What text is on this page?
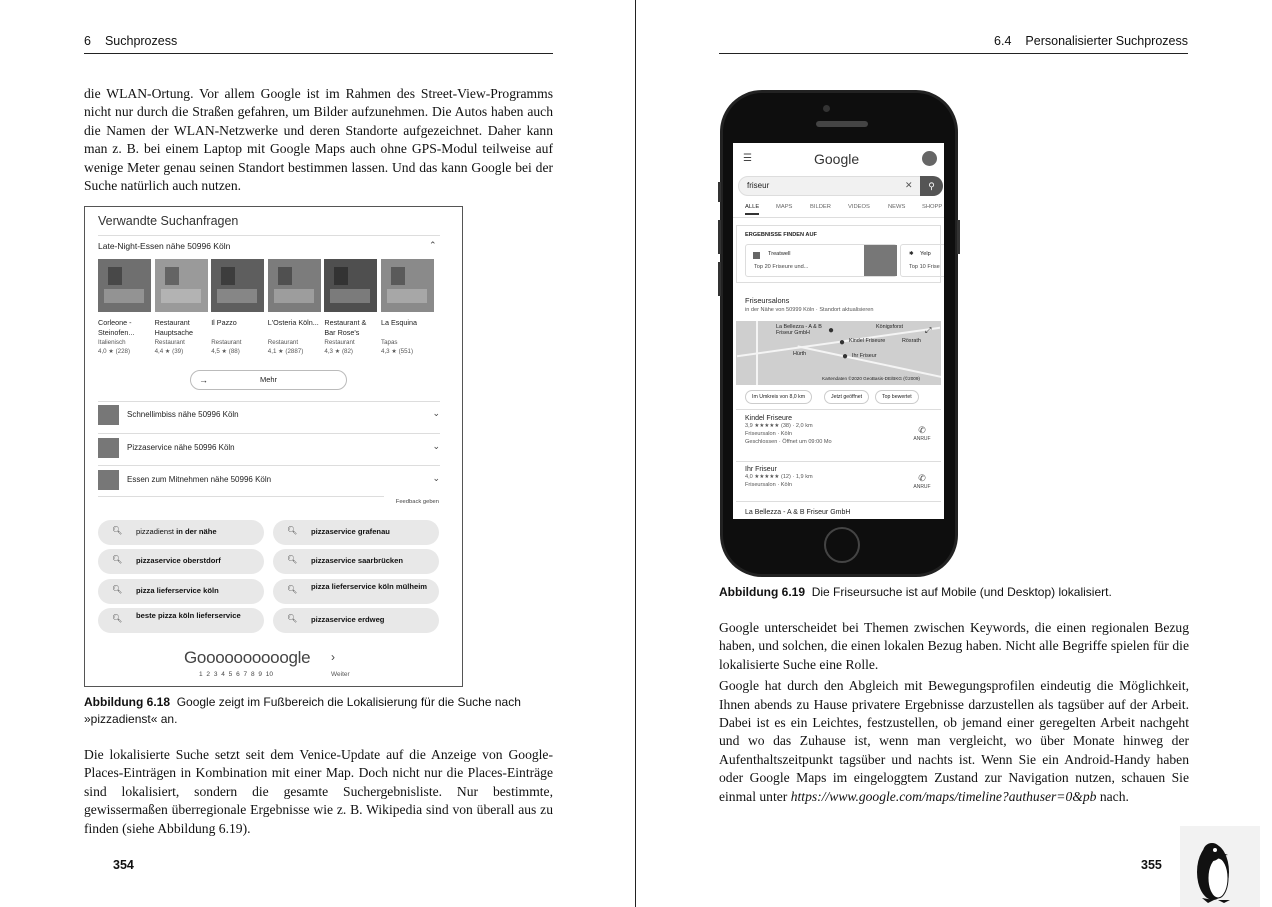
6 Suchprozess

die WLAN-Ortung. Vor allem Google ist im Rahmen des Street-View-Programms nicht nur durch die Straßen gefahren, um Bilder aufzunehmen. Die Autos haben auch die Namen der WLAN-Netzwerke und deren Standorte aufgezeichnet. Daher kann man z. B. bei einem Laptop mit Google Maps auch ohne GPS-Modul teilweise auf wenige Meter genau seinen Standort bestimmen lassen. Und das kann Google bei der Suche natürlich auch nutzen.

Verwandte Suchanfragen
Late-Night-Essen nähe 50996 Köln	⌃
Corleone - Steinofen...
Italienisch
4,0 ★ (228)
Restaurant Hauptsache
Restaurant
4,4 ★ (39)
Il Pazzo
Restaurant
4,5 ★ (88)
L'Osteria Köln...
Restaurant
4,1 ★ (2887)
Restaurant & Bar Rose's
Restaurant
4,3 ★ (82)
La Esquina
Tapas
4,3 ★ (551)
→	Mehr
Schnellimbiss nähe 50996 Köln	⌄
Pizzaservice nähe 50996 Köln	⌄
Essen zum Mitnehmen nähe 50996 Köln	⌄
Feedback geben
🔍︎ pizzadienst in der nähe
🔍︎ pizzaservice oberstdorf
🔍︎ pizza lieferservice köln
🔍︎ beste pizza köln lieferservice
🔍︎ pizzaservice grafenau
🔍︎ pizzaservice saarbrücken
🔍︎ pizza lieferservice köln mülheim
🔍︎ pizzaservice erdweg
Goooooooooogle ›
1 2 3 4 5 6 7 8 9 10	Weiter
Abbildung 6.18 Google zeigt im Fußbereich die Lokalisierung für die Suche nach »pizzadienst« an.

Die lokalisierte Suche setzt seit dem Venice-Update auf die Anzeige von Google-Places-Einträgen in Kombination mit einer Map. Doch nicht nur die Places-Einträge sind lokalisiert, sondern die gesamte Suchergebnisliste. Nur bestimmte, gewissermaßen überregionale Ergebnisse wie z. B. Wikipedia sind von überall aus zu finden (siehe Abbildung 6.19).

354
6.4 Personalisierter Suchprozess
☰	Google
friseur	✕	⚲
ALLE	MAPS	BILDER	VIDEOS	NEWS	SHOPP
ERGEBNISSE FINDEN AUF
Treatwell
Top 20 Friseure und...
✱ Yelp
Top 10 Frise
Friseursalons
in der Nähe von 50999 Köln · Standort aktualisieren
La Bellezza - A & B Friseur GmbH	●
● Kindel Friseure
● Ihr Friseur
Königsforst
Rösrath
Hürth
⤢
Kartendaten ©2020 GeoBasis-DE/BKG (©2009)
Im Umkreis von 8,0 km	Jetzt geöffnet	Top bewertet
Kindel Friseure
3,9 ★★★★★ (38) · 2,0 km
Friseursalon · Köln
Geschlossen · Öffnet um 09:00 Mo
✆
ANRUF
Ihr Friseur
4,0 ★★★★★ (12) · 1,9 km
Friseursalon · Köln
✆
ANRUF
La Bellezza - A & B Friseur GmbH
Abbildung 6.19 Die Friseursuche ist auf Mobile (und Desktop) lokalisiert.

Google unterscheidet bei Themen zwischen Keywords, die einen regionalen Bezug haben, und solchen, die einen lokalen Bezug haben. Nicht alle Begriffe spielen für die lokalisierte Suche eine Rolle.

Google hat durch den Abgleich mit Bewegungsprofilen eindeutig die Möglichkeit, Ihnen abends zu Hause privatere Ergebnisse darzustellen als tagsüber auf der Arbeit. Dabei ist es ein Leichtes, festzustellen, ob jemand einer geregelten Arbeit nachgeht und wo das Zuhause ist, wenn man vergleicht, wo über Monate hinweg der Aufenthaltszeitpunkt tagsüber und nachts ist. Wenn Sie ein Android-Handy haben oder Google Maps im eingeloggtem Zustand zur Navigation nutzen, schauen Sie einmal unter https://www.google.com/maps/timeline?authuser=0&pb nach.

355
